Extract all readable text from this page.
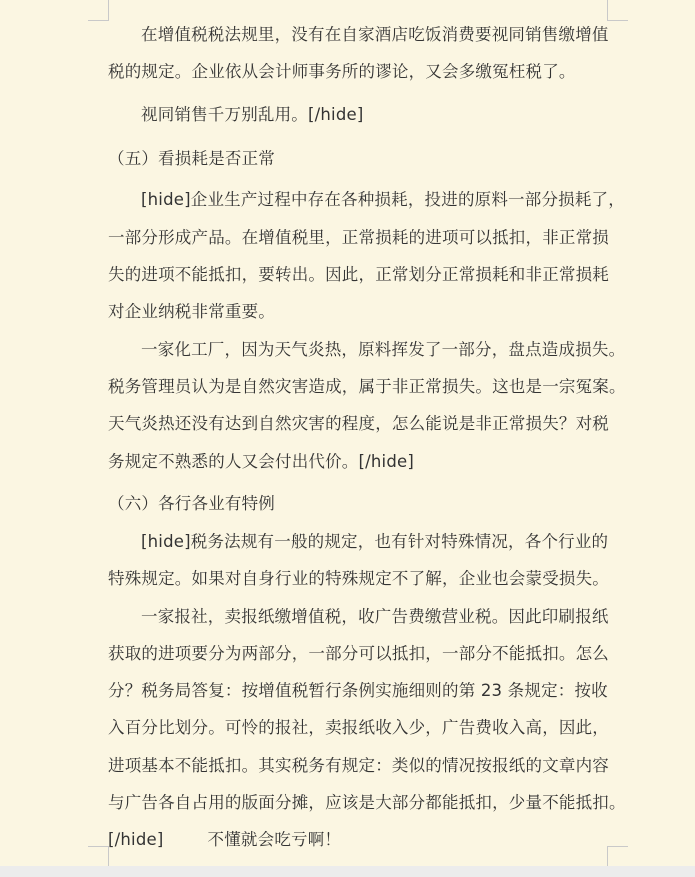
在增值税税法规里，没有在自家酒店吃饭消费要视同销售缴增值
税的规定。企业依从会计师事务所的谬论，又会多缴冤枉税了。
视同销售千万别乱用。[/hide]
（五）看损耗是否正常
[hide]企业生产过程中存在各种损耗，投进的原料一部分损耗了，
一部分形成产品。在增值税里，正常损耗的进项可以抵扣，非正常损
失的进项不能抵扣，要转出。因此，正常划分正常损耗和非正常损耗
对企业纳税非常重要。
一家化工厂，因为天气炎热，原料挥发了一部分，盘点造成损失。
税务管理员认为是自然灾害造成，属于非正常损失。这也是一宗冤案。
天气炎热还没有达到自然灾害的程度，怎么能说是非正常损失？对税
务规定不熟悉的人又会付出代价。[/hide]
（六）各行各业有特例
[hide]税务法规有一般的规定，也有针对特殊情况，各个行业的
特殊规定。如果对自身行业的特殊规定不了解，企业也会蒙受损失。
一家报社，卖报纸缴增值税，收广告费缴营业税。因此印刷报纸
获取的进项要分为两部分，一部分可以抵扣，一部分不能抵扣。怎么
分？税务局答复：按增值税暂行条例实施细则的第 23 条规定：按收
入百分比划分。可怜的报社，卖报纸收入少，广告费收入高，因此，
进项基本不能抵扣。其实税务有规定：类似的情况按报纸的文章内容
与广告各自占用的版面分摊，应该是大部分都能抵扣，少量不能抵扣。
[/hide]	不懂就会吃亏啊！
